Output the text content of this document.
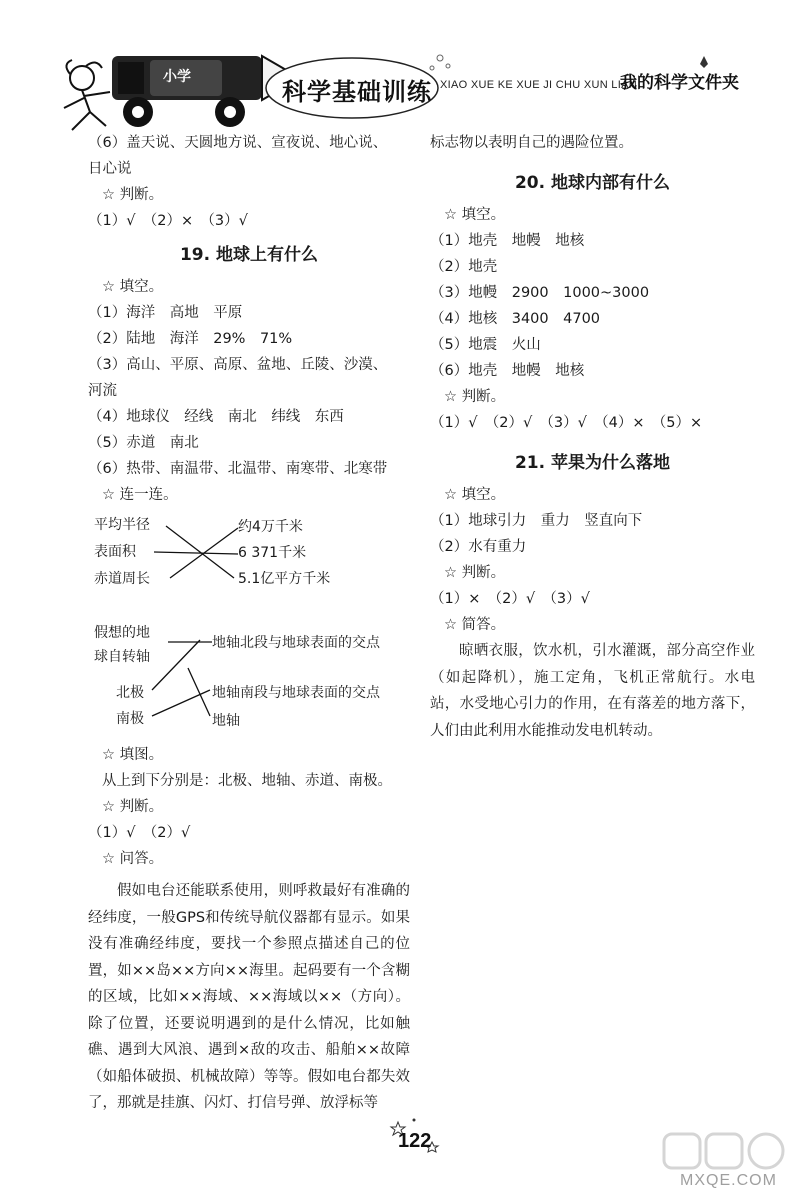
小学
科学基础训练 XIAO XUE KE XUE JI CHU XUN LIAN
我的科学文件夹
（6）盖天说、天圆地方说、宣夜说、地心说、
日心说
☆ 判断。
（1）√　（2）×　（3）√
19. 地球上有什么
☆ 填空。
（1）海洋　高地　平原
（2）陆地　海洋　29%　71%
（3）高山、平原、高原、盆地、丘陵、沙漠、
河流
（4）地球仪　经线　南北　纬线　东西
（5）赤道　南北
（6）热带、南温带、北温带、南寒带、北寒带
☆ 连一连。
平均半径
表面积
赤道周长
约4万千米
6 371千米
5.1亿平方千米
假想的地
球自转轴
北极
南极
地轴北段与地球表面的交点
地轴南段与地球表面的交点
地轴
☆ 填图。
从上到下分别是：北极、地轴、赤道、南极。
☆ 判断。
（1）√　（2）√
☆ 问答。
假如电台还能联系使用，则呼救最好有准确的经纬度，一般GPS和传统导航仪器都有显示。如果没有准确经纬度，要找一个参照点描述自己的位置，如××岛××方向××海里。起码要有一个含糊的区域，比如××海域、××海域以××（方向）。除了位置，还要说明遇到的是什么情况，比如触礁、遇到大风浪、遇到×敌的攻击、船舶××故障（如船体破损、机械故障）等等。假如电台都失效了，那就是挂旗、闪灯、打信号弹、放浮标等
标志物以表明自己的遇险位置。
20. 地球内部有什么
☆ 填空。
（1）地壳　地幔　地核
（2）地壳
（3）地幔　2900　1000~3000
（4）地核　3400　4700
（5）地震　火山
（6）地壳　地幔　地核
☆ 判断。
（1）√　（2）√　（3）√　（4）×　（5）×
21. 苹果为什么落地
☆ 填空。
（1）地球引力　重力　竖直向下
（2）水有重力
☆ 判断。
（1）×　（2）√　（3）√
☆ 简答。
晾晒衣服，饮水机，引水灌溉，部分高空作业（如起降机），施工定角，飞机正常航行。水电站，水受地心引力的作用，在有落差的地方落下，人们由此利用水能推动发电机转动。
122
MXQE.COM
